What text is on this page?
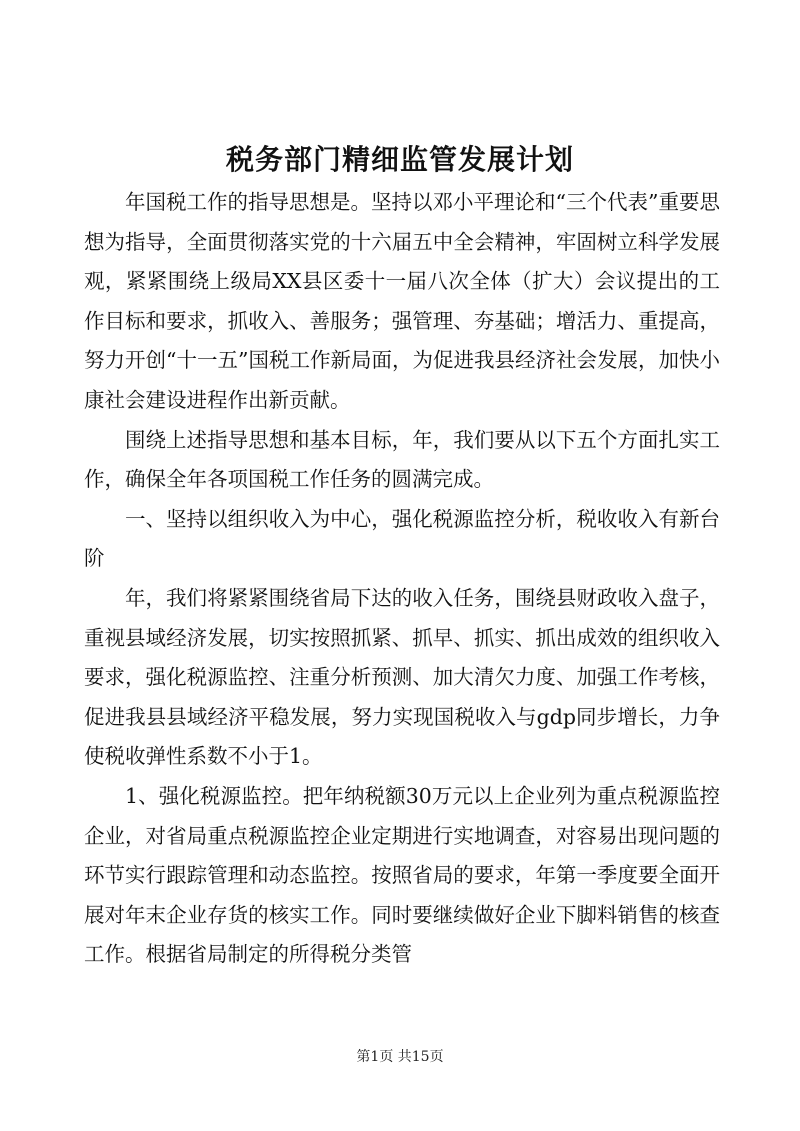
税务部门精细监管发展计划

年国税工作的指导思想是。坚持以邓小平理论和“三个代表”重要思想为指导，全面贯彻落实党的十六届五中全会精神，牢固树立科学发展观，紧紧围绕上级局XX县区委十一届八次全体（扩大）会议提出的工作目标和要求，抓收入、善服务；强管理、夯基础；增活力、重提高，努力开创“十一五”国税工作新局面，为促进我县经济社会发展，加快小康社会建设进程作出新贡献。

围绕上述指导思想和基本目标，年，我们要从以下五个方面扎实工作，确保全年各项国税工作任务的圆满完成。

一、坚持以组织收入为中心，强化税源监控分析，税收收入有新台阶

年，我们将紧紧围绕省局下达的收入任务，围绕县财政收入盘子，重视县域经济发展，切实按照抓紧、抓早、抓实、抓出成效的组织收入要求，强化税源监控、注重分析预测、加大清欠力度、加强工作考核，促进我县县域经济平稳发展，努力实现国税收入与gdp同步增长，力争使税收弹性系数不小于1。

1、强化税源监控。把年纳税额30万元以上企业列为重点税源监控企业，对省局重点税源监控企业定期进行实地调查，对容易出现问题的环节实行跟踪管理和动态监控。按照省局的要求，年第一季度要全面开展对年末企业存货的核实工作。同时要继续做好企业下脚料销售的核查工作。根据省局制定的所得税分类管

第1页 共15页
